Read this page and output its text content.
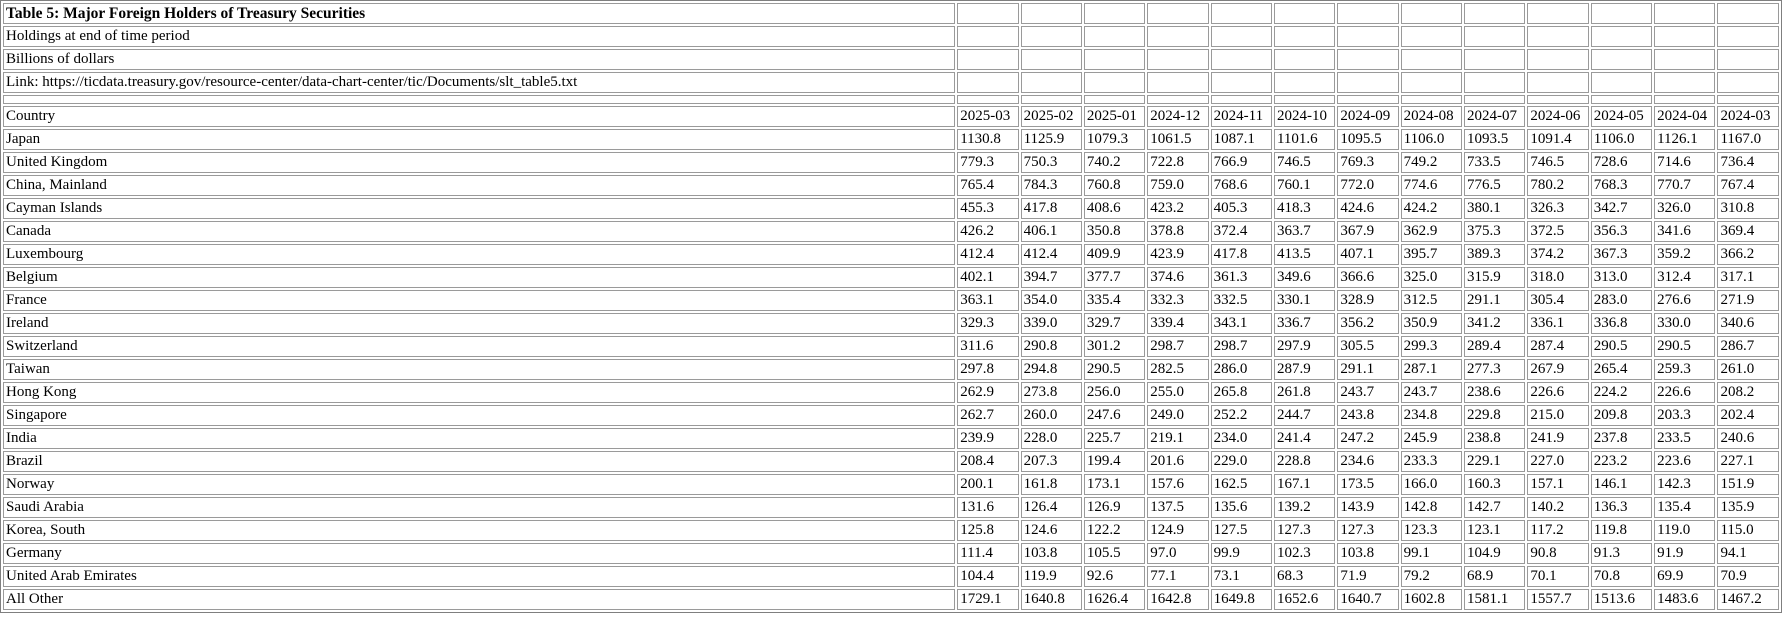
Table 5: Major Foreign Holders of Treasury Securities													
Holdings at end of time period													
Billions of dollars													
Link: https://ticdata.treasury.gov/resource-center/data-chart-center/tic/Documents/slt_table5.txt													

Country	2025-03	2025-02	2025-01	2024-12	2024-11	2024-10	2024-09	2024-08	2024-07	2024-06	2024-05	2024-04	2024-03
Japan	1130.8	1125.9	1079.3	1061.5	1087.1	1101.6	1095.5	1106.0	1093.5	1091.4	1106.0	1126.1	1167.0
United Kingdom	779.3	750.3	740.2	722.8	766.9	746.5	769.3	749.2	733.5	746.5	728.6	714.6	736.4
China, Mainland	765.4	784.3	760.8	759.0	768.6	760.1	772.0	774.6	776.5	780.2	768.3	770.7	767.4
Cayman Islands	455.3	417.8	408.6	423.2	405.3	418.3	424.6	424.2	380.1	326.3	342.7	326.0	310.8
Canada	426.2	406.1	350.8	378.8	372.4	363.7	367.9	362.9	375.3	372.5	356.3	341.6	369.4
Luxembourg	412.4	412.4	409.9	423.9	417.8	413.5	407.1	395.7	389.3	374.2	367.3	359.2	366.2
Belgium	402.1	394.7	377.7	374.6	361.3	349.6	366.6	325.0	315.9	318.0	313.0	312.4	317.1
France	363.1	354.0	335.4	332.3	332.5	330.1	328.9	312.5	291.1	305.4	283.0	276.6	271.9
Ireland	329.3	339.0	329.7	339.4	343.1	336.7	356.2	350.9	341.2	336.1	336.8	330.0	340.6
Switzerland	311.6	290.8	301.2	298.7	298.7	297.9	305.5	299.3	289.4	287.4	290.5	290.5	286.7
Taiwan	297.8	294.8	290.5	282.5	286.0	287.9	291.1	287.1	277.3	267.9	265.4	259.3	261.0
Hong Kong	262.9	273.8	256.0	255.0	265.8	261.8	243.7	243.7	238.6	226.6	224.2	226.6	208.2
Singapore	262.7	260.0	247.6	249.0	252.2	244.7	243.8	234.8	229.8	215.0	209.8	203.3	202.4
India	239.9	228.0	225.7	219.1	234.0	241.4	247.2	245.9	238.8	241.9	237.8	233.5	240.6
Brazil	208.4	207.3	199.4	201.6	229.0	228.8	234.6	233.3	229.1	227.0	223.2	223.6	227.1
Norway	200.1	161.8	173.1	157.6	162.5	167.1	173.5	166.0	160.3	157.1	146.1	142.3	151.9
Saudi Arabia	131.6	126.4	126.9	137.5	135.6	139.2	143.9	142.8	142.7	140.2	136.3	135.4	135.9
Korea, South	125.8	124.6	122.2	124.9	127.5	127.3	127.3	123.3	123.1	117.2	119.8	119.0	115.0
Germany	111.4	103.8	105.5	97.0	99.9	102.3	103.8	99.1	104.9	90.8	91.3	91.9	94.1
United Arab Emirates	104.4	119.9	92.6	77.1	73.1	68.3	71.9	79.2	68.9	70.1	70.8	69.9	70.9
All Other	1729.1	1640.8	1626.4	1642.8	1649.8	1652.6	1640.7	1602.8	1581.1	1557.7	1513.6	1483.6	1467.2
